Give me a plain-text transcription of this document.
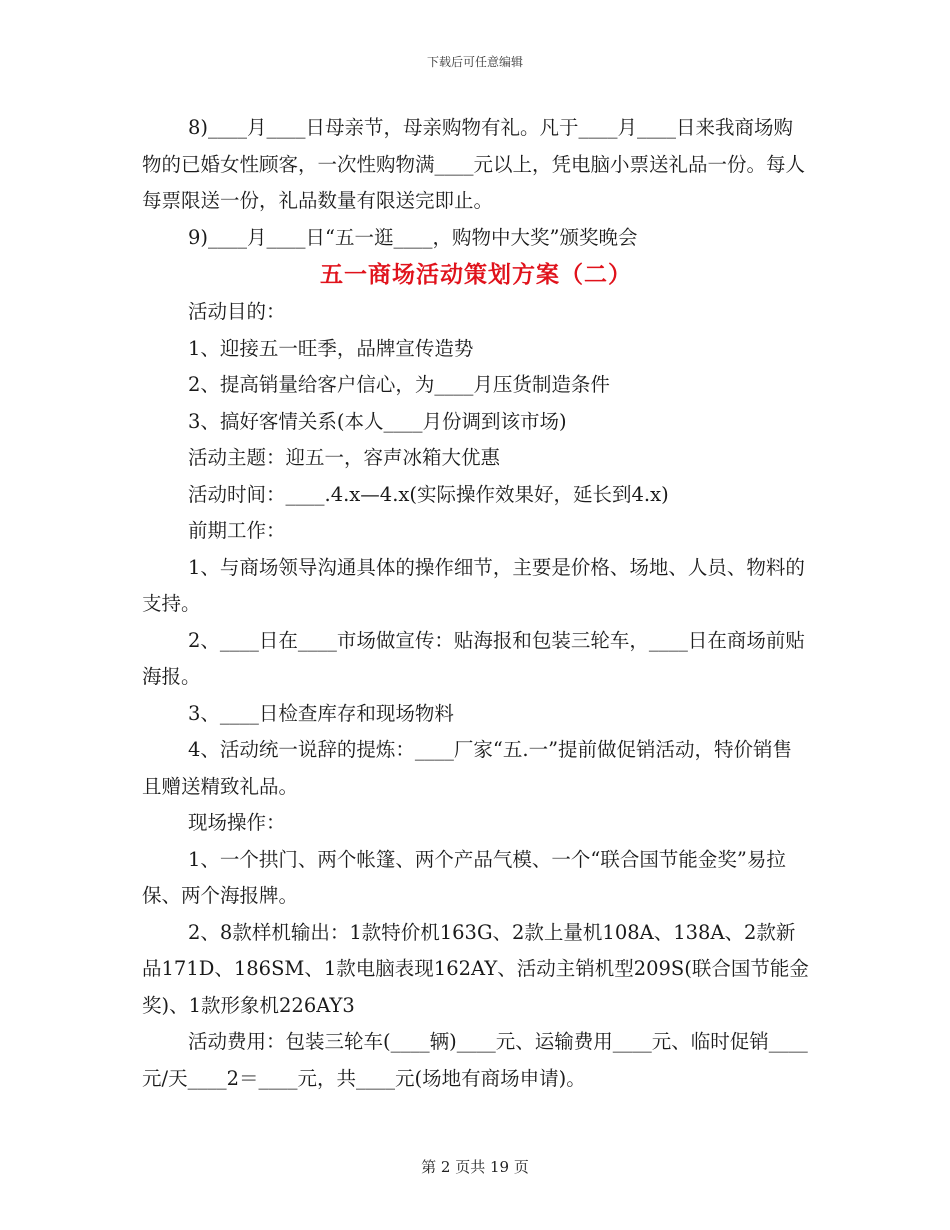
下载后可任意编辑

8)____月____日母亲节，母亲购物有礼。凡于____月____日来我商场购物的已婚女性顾客，一次性购物满____元以上，凭电脑小票送礼品一份。每人每票限送一份，礼品数量有限送完即止。

9)____月____日“五一逛____，购物中大奖”颁奖晚会

五一商场活动策划方案（二）

活动目的：

1、迎接五一旺季，品牌宣传造势

2、提高销量给客户信心，为____月压货制造条件

3、搞好客情关系(本人____月份调到该市场)

活动主题：迎五一，容声冰箱大优惠

活动时间：____.4.x—4.x(实际操作效果好，延长到4.x)

前期工作：

1、与商场领导沟通具体的操作细节，主要是价格、场地、人员、物料的支持。

2、____日在____市场做宣传：贴海报和包装三轮车，____日在商场前贴海报。

3、____日检查库存和现场物料

4、活动统一说辞的提炼：____厂家“五.一”提前做促销活动，特价销售且赠送精致礼品。

现场操作：

1、一个拱门、两个帐篷、两个产品气模、一个“联合国节能金奖”易拉保、两个海报牌。

2、8款样机输出：1款特价机163G、2款上量机108A、138A、2款新品171D、186SM、1款电脑表现162AY、活动主销机型209S(联合国节能金奖)、1款形象机226AY3

活动费用：包装三轮车(____辆)____元、运输费用____元、临时促销____元/天____2＝____元，共____元(场地有商场申请)。

第 2 页共 19 页
